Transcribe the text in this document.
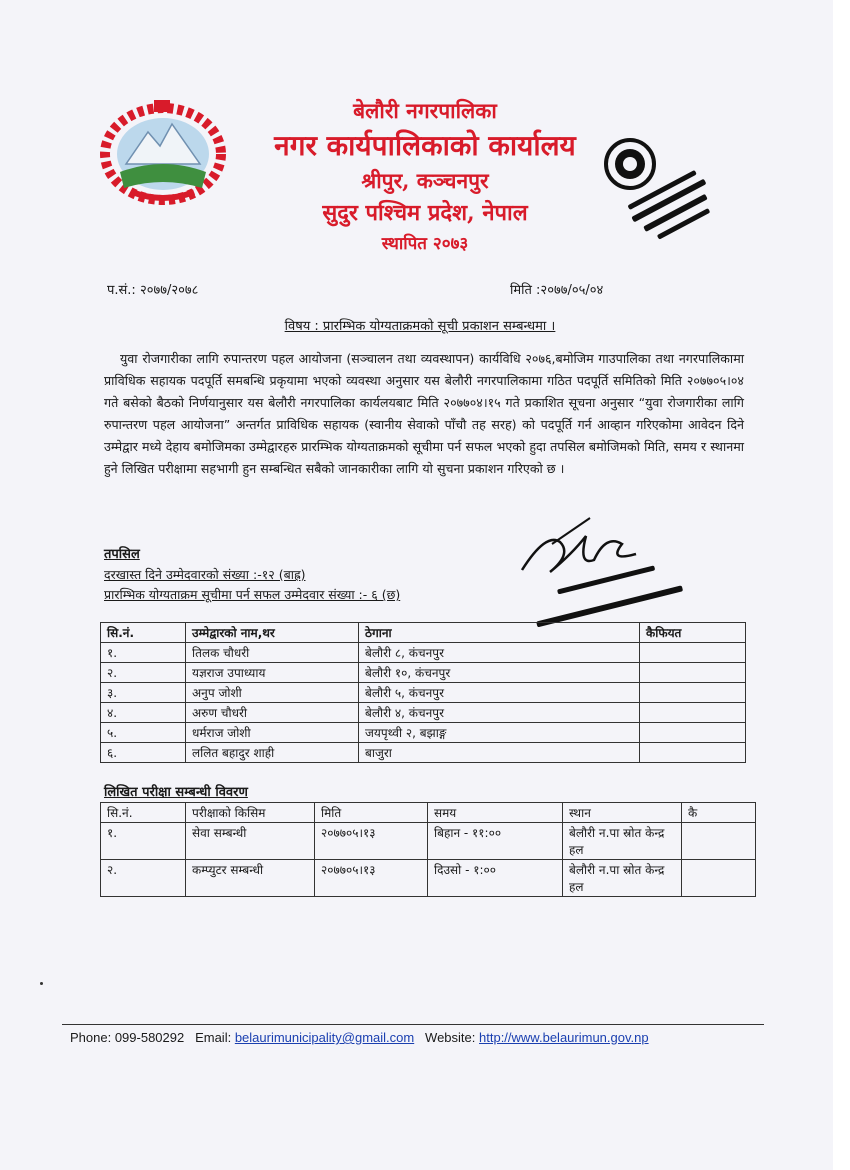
बेलौरी नगरपालिका
नगर कार्यपालिकाको कार्यालय
श्रीपुर, कञ्चनपुर
सुदुर पश्चिम प्रदेश, नेपाल
स्थापित २०७३
प.सं.: २०७७/२०७८	मिति :२०७७/०५/०४
विषय : प्रारम्भिक योग्यताक्रमको सूची प्रकाशन सम्बन्धमा ।
युवा रोजगारीका लागि रुपान्तरण पहल आयोजना (सञ्चालन तथा व्यवस्थापन) कार्यविधि २०७६,बमोजिम गाउपालिका तथा नगरपालिकामा प्राविधिक सहायक पदपूर्ति समबन्धि प्रकृयामा भएको व्यवस्था अनुसार यस बेलौरी नगरपालिकामा गठित पदपूर्ति समितिको मिति २०७७०५।०४ गते बसेको बैठको निर्णयानुसार यस बेलौरी नगरपालिका कार्यलयबाट मिति २०७७०४।१५ गते प्रकाशित सूचना अनुसार “युवा रोजगारीका लागि रुपान्तरण पहल आयोजना” अन्तर्गत प्राविधिक सहायक (स्वानीय सेवाको पाँचौ तह सरह) को पदपूर्ति गर्न आव्हान गरिएकोमा आवेदन दिने उम्मेद्वार मध्ये देहाय बमोजिमका उम्मेद्वारहरु प्रारम्भिक योग्यताक्रमको सूचीमा पर्न सफल भएको हुदा तपसिल बमोजिमको मिति, समय र स्थानमा हुने लिखित परीक्षामा सहभागी हुन सम्बन्धित सबैको जानकारीका लागि यो सुचना प्रकाशन गरिएको छ ।
तपसिल
दरखास्त दिने उम्मेदवारको संख्या :-१२ (बाह्र)
प्रारम्भिक योग्यताक्रम सूचीमा पर्न सफल उम्मेदवार संख्या :- ६ (छ)
सि.नं.	उम्मेद्वारको नाम,थर	ठेगाना	कैफियत
१.	तिलक चौधरी	बेलौरी ८, कंचनपुर	
२.	यज्ञराज उपाध्याय	बेलौरी १०, कंचनपुर	
३.	अनुप जोशी	बेलौरी ५, कंचनपुर	
४.	अरुण चौधरी	बेलौरी ४, कंचनपुर	
५.	धर्मराज जोशी	जयपृथ्वी २, बझाङ्ग	
६.	ललित बहादुर शाही	बाजुरा	
लिखित परीक्षा सम्बन्धी विवरण
सि.नं.	परीक्षाको किसिम	मिति	समय	स्थान	कै
१.	सेवा सम्बन्धी	२०७७०५।१३	बिहान - ११:००	बेलौरी न.पा स्रोत केन्द्र हल	
२.	कम्प्युटर सम्बन्धी	२०७७०५।१३	दिउसो - १:००	बेलौरी न.पा स्रोत केन्द्र हल	
Phone: 099-580292 Email: belaurimunicipality@gmail.com Website: http://www.belaurimun.gov.np
